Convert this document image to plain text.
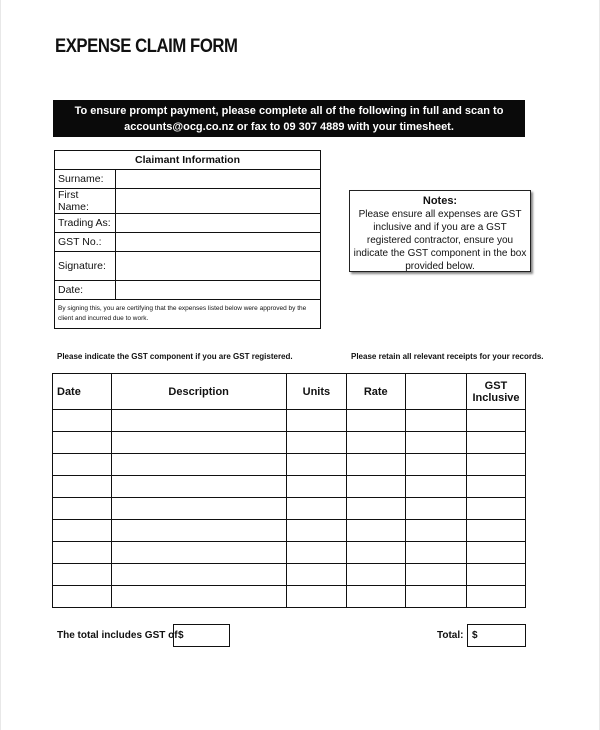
EXPENSE CLAIM FORM
To ensure prompt payment, please complete all of the following in full and scan to
accounts@ocg.co.nz or fax to 09 307 4889 with your timesheet.
Claimant Information	
Surname:	
First Name:	
Trading As:	
GST No.:	
Signature:	
Date:	
By signing this, you are certifying that the expenses listed below were approved by the client and incurred due to work.	
Notes:
Please ensure all expenses are GST inclusive and if you are a GST registered contractor, ensure you indicate the GST component in the box provided below.
Please indicate the GST component if you are GST registered.	Please retain all relevant receipts for your records.
Date	Description	Units	Rate		GST Inclusive

The total includes GST of $	Total: $
